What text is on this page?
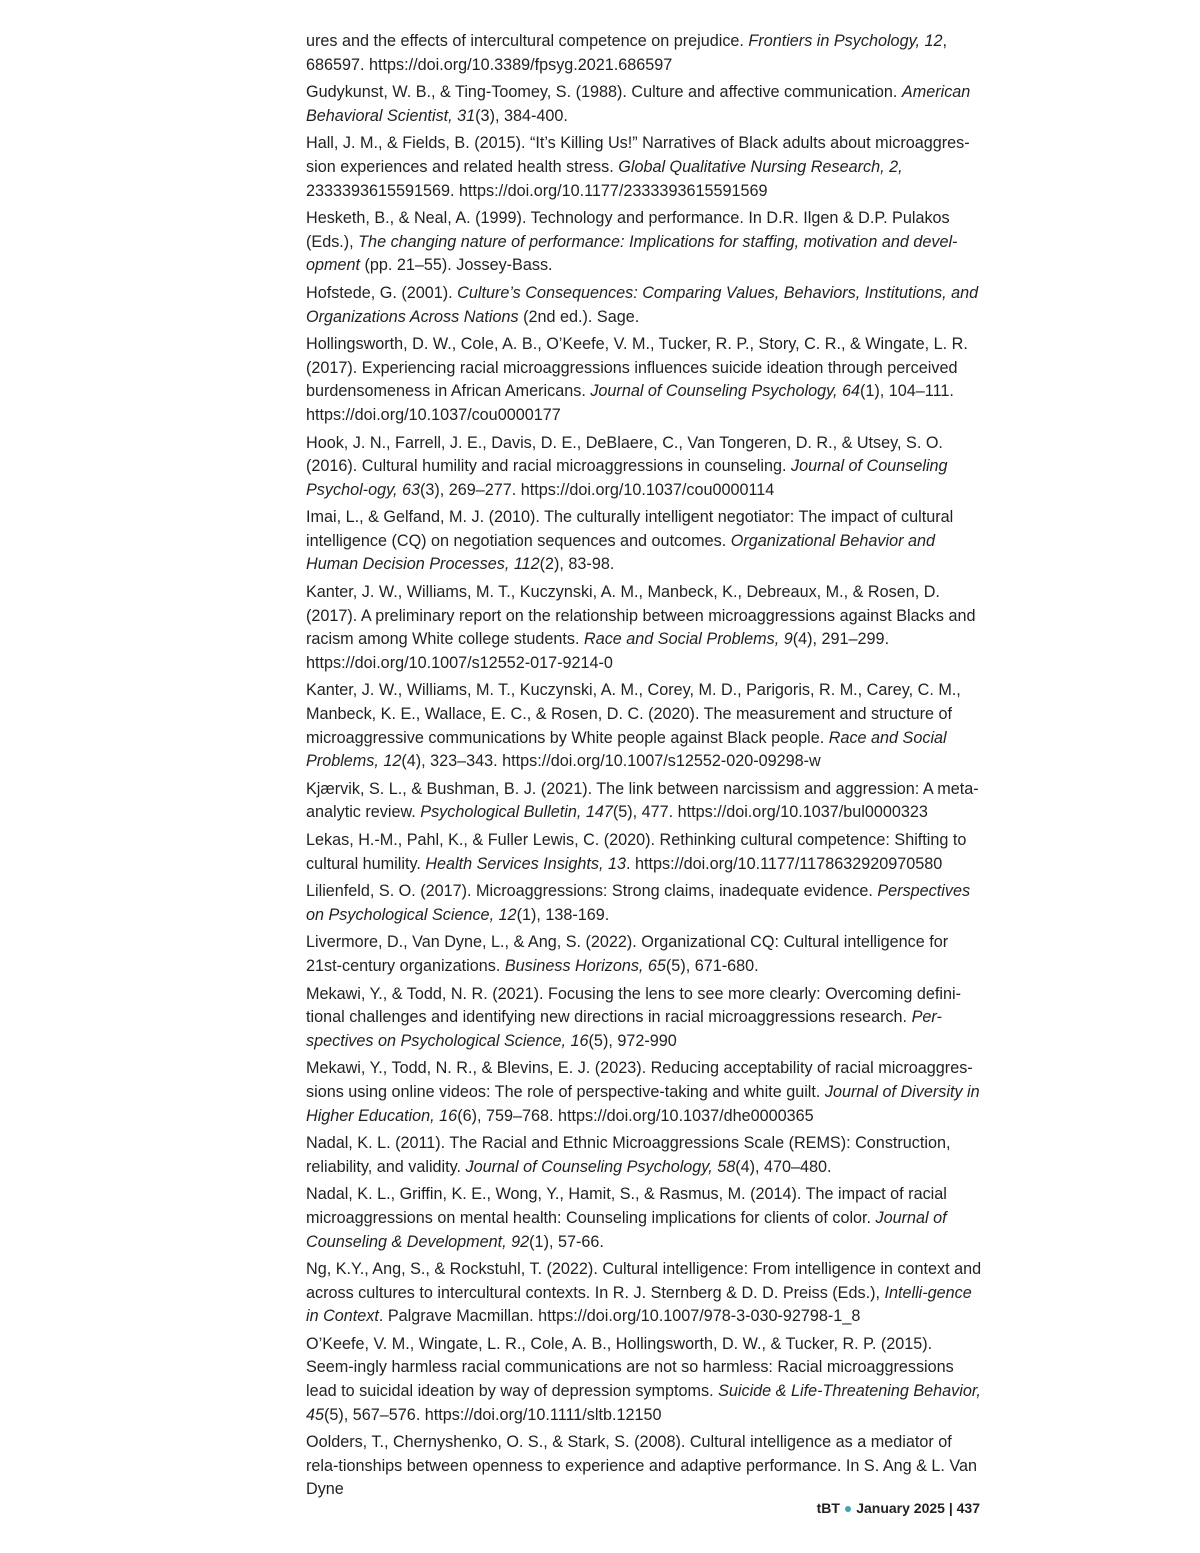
ures and the effects of intercultural competence on prejudice. Frontiers in Psychology, 12, 686597. https://doi.org/10.3389/fpsyg.2021.686597

Gudykunst, W. B., & Ting-Toomey, S. (1988). Culture and affective communication. American Behavioral Scientist, 31(3), 384-400.

Hall, J. M., & Fields, B. (2015). “It’s Killing Us!” Narratives of Black adults about microaggres-sion experiences and related health stress. Global Qualitative Nursing Research, 2, 2333393615591569. https://doi.org/10.1177/2333393615591569

Hesketh, B., & Neal, A. (1999). Technology and performance. In D.R. Ilgen & D.P. Pulakos (Eds.), The changing nature of performance: Implications for staffing, motivation and devel-opment (pp. 21–55). Jossey-Bass.

Hofstede, G. (2001). Culture’s Consequences: Comparing Values, Behaviors, Institutions, and Organizations Across Nations (2nd ed.). Sage.

Hollingsworth, D. W., Cole, A. B., O’Keefe, V. M., Tucker, R. P., Story, C. R., & Wingate, L. R. (2017). Experiencing racial microaggressions influences suicide ideation through perceived burdensomeness in African Americans. Journal of Counseling Psychology, 64(1), 104–111. https://doi.org/10.1037/cou0000177

Hook, J. N., Farrell, J. E., Davis, D. E., DeBlaere, C., Van Tongeren, D. R., & Utsey, S. O. (2016). Cultural humility and racial microaggressions in counseling. Journal of Counseling Psychol-ogy, 63(3), 269–277. https://doi.org/10.1037/cou0000114

Imai, L., & Gelfand, M. J. (2010). The culturally intelligent negotiator: The impact of cultural intelligence (CQ) on negotiation sequences and outcomes. Organizational Behavior and Human Decision Processes, 112(2), 83-98.

Kanter, J. W., Williams, M. T., Kuczynski, A. M., Manbeck, K., Debreaux, M., & Rosen, D. (2017). A preliminary report on the relationship between microaggressions against Blacks and racism among White college students. Race and Social Problems, 9(4), 291–299. https://doi.org/10.1007/s12552-017-9214-0

Kanter, J. W., Williams, M. T., Kuczynski, A. M., Corey, M. D., Parigoris, R. M., Carey, C. M., Manbeck, K. E., Wallace, E. C., & Rosen, D. C. (2020). The measurement and structure of microaggressive communications by White people against Black people. Race and Social Problems, 12(4), 323–343. https://doi.org/10.1007/s12552-020-09298-w

Kjærvik, S. L., & Bushman, B. J. (2021). The link between narcissism and aggression: A meta-analytic review. Psychological Bulletin, 147(5), 477. https://doi.org/10.1037/bul0000323

Lekas, H.-M., Pahl, K., & Fuller Lewis, C. (2020). Rethinking cultural competence: Shifting to cultural humility. Health Services Insights, 13. https://doi.org/10.1177/1178632920970580

Lilienfeld, S. O. (2017). Microaggressions: Strong claims, inadequate evidence. Perspectives on Psychological Science, 12(1), 138-169.

Livermore, D., Van Dyne, L., & Ang, S. (2022). Organizational CQ: Cultural intelligence for 21st-century organizations. Business Horizons, 65(5), 671-680.

Mekawi, Y., & Todd, N. R. (2021). Focusing the lens to see more clearly: Overcoming defini-tional challenges and identifying new directions in racial microaggressions research. Per-spectives on Psychological Science, 16(5), 972-990

Mekawi, Y., Todd, N. R., & Blevins, E. J. (2023). Reducing acceptability of racial microaggres-sions using online videos: The role of perspective-taking and white guilt. Journal of Diversity in Higher Education, 16(6), 759–768. https://doi.org/10.1037/dhe0000365

Nadal, K. L. (2011). The Racial and Ethnic Microaggressions Scale (REMS): Construction, reliability, and validity. Journal of Counseling Psychology, 58(4), 470–480.

Nadal, K. L., Griffin, K. E., Wong, Y., Hamit, S., & Rasmus, M. (2014). The impact of racial microaggressions on mental health: Counseling implications for clients of color. Journal of Counseling & Development, 92(1), 57-66.

Ng, K.Y., Ang, S., & Rockstuhl, T. (2022). Cultural intelligence: From intelligence in context and across cultures to intercultural contexts. In R. J. Sternberg & D. D. Preiss (Eds.), Intelli-gence in Context. Palgrave Macmillan. https://doi.org/10.1007/978-3-030-92798-1_8

O’Keefe, V. M., Wingate, L. R., Cole, A. B., Hollingsworth, D. W., & Tucker, R. P. (2015). Seem-ingly harmless racial communications are not so harmless: Racial microaggressions lead to suicidal ideation by way of depression symptoms. Suicide & Life-Threatening Behavior, 45(5), 567–576. https://doi.org/10.1111/sltb.12150

Oolders, T., Chernyshenko, O. S., & Stark, S. (2008). Cultural intelligence as a mediator of rela-tionships between openness to experience and adaptive performance. In S. Ang & L. Van Dyne

tBT ● January 2025 | 437
